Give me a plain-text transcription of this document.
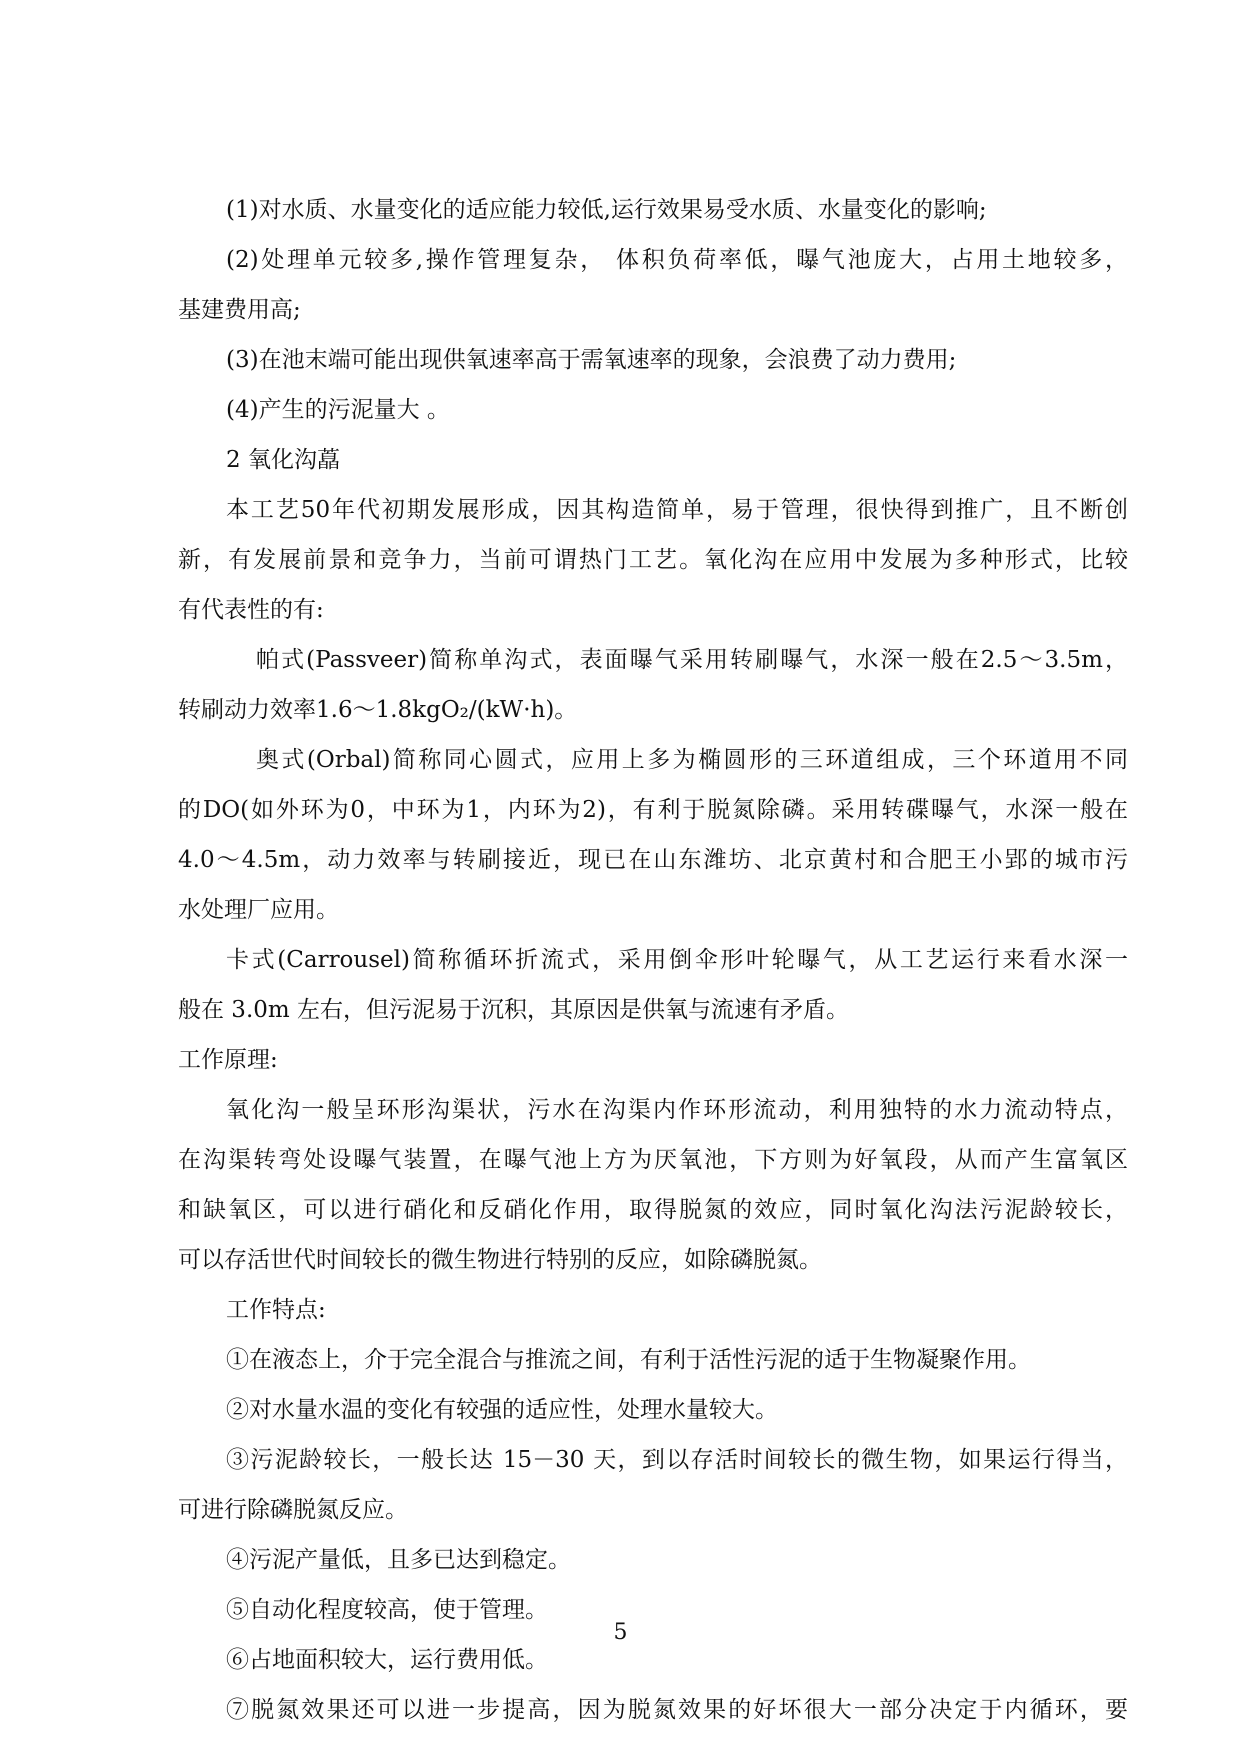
(1)对水质、水量变化的适应能力较低,运行效果易受水质、水量变化的影响;
(2)处理单元较多,操作管理复杂， 体积负荷率低，曝气池庞大，占用土地较多，
基建费用高;
(3)在池末端可能出现供氧速率高于需氧速率的现象，会浪费了动力费用;
(4)产生的污泥量大 。
2 氧化沟藠
本工艺50年代初期发展形成，因其构造简单，易于管理，很快得到推广，且不断创
新，有发展前景和竞争力，当前可谓热门工艺。氧化沟在应用中发展为多种形式，比较
有代表性的有:
帕式(Passveer)简称单沟式，表面曝气采用转刷曝气，水深一般在2.5～3.5m，
转刷动力效率1.6～1.8kgO₂/(kW·h)。
奥式(Orbal)简称同心圆式，应用上多为椭圆形的三环道组成，三个环道用不同
的DO(如外环为0，中环为1，内环为2)，有利于脱氮除磷。采用转碟曝气，水深一般在
4.0～4.5m，动力效率与转刷接近，现已在山东潍坊、北京黄村和合肥王小郢的城市污
水处理厂应用。
卡式(Carrousel)简称循环折流式，采用倒伞形叶轮曝气，从工艺运行来看水深一
般在 3.0m 左右，但污泥易于沉积，其原因是供氧与流速有矛盾。
工作原理:
氧化沟一般呈环形沟渠状，污水在沟渠内作环形流动，利用独特的水力流动特点，
在沟渠转弯处设曝气装置，在曝气池上方为厌氧池，下方则为好氧段，从而产生富氧区
和缺氧区，可以进行硝化和反硝化作用，取得脱氮的效应，同时氧化沟法污泥龄较长，
可以存活世代时间较长的微生物进行特别的反应，如除磷脱氮。
工作特点:
①在液态上，介于完全混合与推流之间，有利于活性污泥的适于生物凝聚作用。
②对水量水温的变化有较强的适应性，处理水量较大。
③污泥龄较长，一般长达 15－30 天，到以存活时间较长的微生物，如果运行得当，
可进行除磷脱氮反应。
④污泥产量低，且多已达到稳定。
⑤自动化程度较高，使于管理。
⑥占地面积较大，运行费用低。
⑦脱氮效果还可以进一步提高，因为脱氮效果的好坏很大一部分决定于内循环，要
5
